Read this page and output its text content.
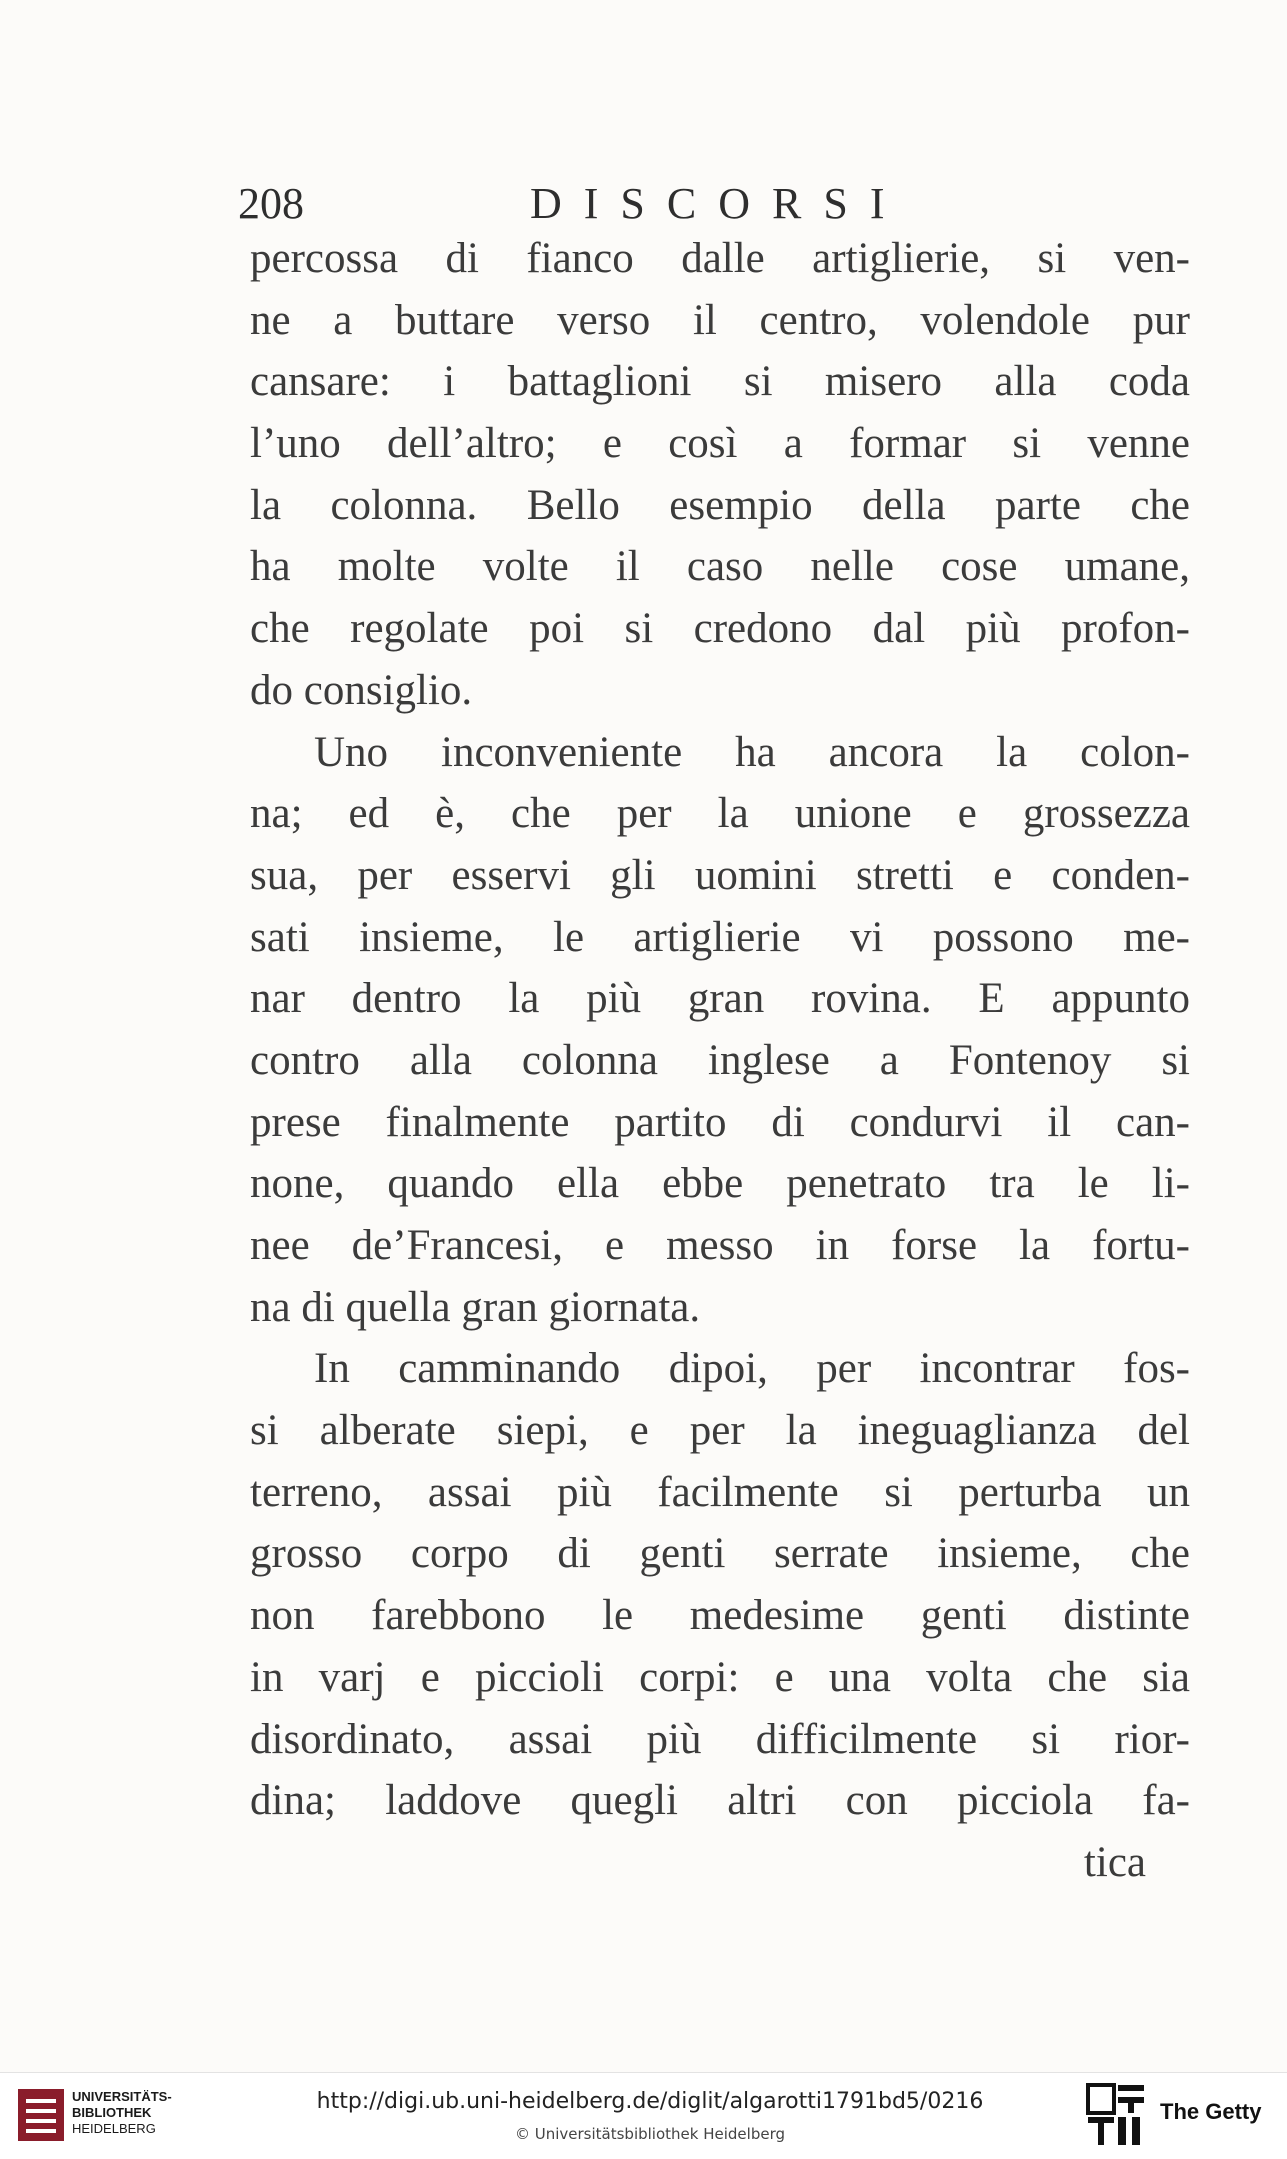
208	DISCORSI
percossa di fianco dalle artiglierie, si ven-
ne a buttare verso il centro, volendole pur
cansare: i battaglioni si misero alla coda
l’uno dell’altro; e così a formar si venne
la colonna. Bello esempio della parte che
ha molte volte il caso nelle cose umane,
che regolate poi si credono dal più profon-
do consiglio.
Uno inconveniente ha ancora la colon-
na; ed è, che per la unione e grossezza
sua, per esservi gli uomini stretti e conden-
sati insieme, le artiglierie vi possono me-
nar dentro la più gran rovina. E appunto
contro alla colonna inglese a Fontenoy si
prese finalmente partito di condurvi il can-
none, quando ella ebbe penetrato tra le li-
nee de’Francesi, e messo in forse la fortu-
na di quella gran giornata.
In camminando dipoi, per incontrar fos-
si alberate siepi, e per la ineguaglianza del
terreno, assai più facilmente si perturba un
grosso corpo di genti serrate insieme, che
non farebbono le medesime genti distinte
in varj e piccioli corpi: e una volta che sia
disordinato, assai più difficilmente si rior-
dina; laddove quegli altri con picciola fa-
tica
UNIVERSITÄTS-
BIBLIOTHEK
HEIDELBERG
http://digi.ub.uni-heidelberg.de/diglit/algarotti1791bd5/0216
© Universitätsbibliothek Heidelberg
The Getty
